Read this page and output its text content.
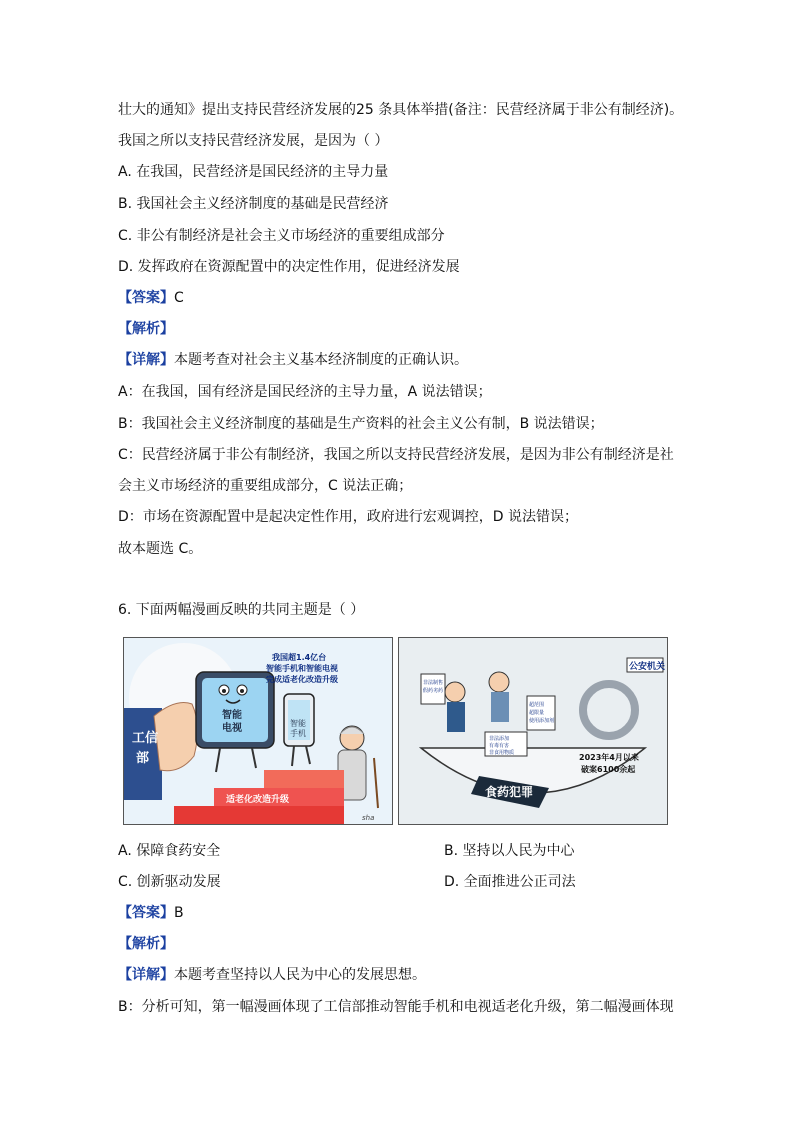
壮大的通知》提出支持民营经济发展的25 条具体举措(备注：民营经济属于非公有制经济)。
我国之所以支持民营经济发展，是因为（ ）
A. 在我国，民营经济是国民经济的主导力量
B. 我国社会主义经济制度的基础是民营经济
C. 非公有制经济是社会主义市场经济的重要组成部分
D. 发挥政府在资源配置中的决定性作用，促进经济发展
【答案】C
【解析】
【详解】本题考查对社会主义基本经济制度的正确认识。
A：在我国，国有经济是国民经济的主导力量，A 说法错误；
B：我国社会主义经济制度的基础是生产资料的社会主义公有制，B 说法错误；
C：民营经济属于非公有制经济，我国之所以支持民营经济发展，是因为非公有制经济是社
会主义市场经济的重要组成部分，C 说法正确；
D：市场在资源配置中是起决定性作用，政府进行宏观调控，D 说法错误；
故本题选 C。
6. 下面两幅漫画反映的共同主题是（ ）
工信
部
智能
电视	智能
手机
我国超1.4亿台
智能手机和智能电视
完成适老化改造升级
适老化改造升级
sha
公安机关
食药犯罪
非法制售
假药劣药
超范围
超限量
使用添加剂
非法添加
有毒有害
非食用物质	2023年4月以来
破案6100余起
A. 保障食药安全	B. 坚持以人民为中心
C. 创新驱动发展	D. 全面推进公正司法
【答案】B
【解析】
【详解】本题考查坚持以人民为中心的发展思想。
B：分析可知，第一幅漫画体现了工信部推动智能手机和电视适老化升级，第二幅漫画体现
